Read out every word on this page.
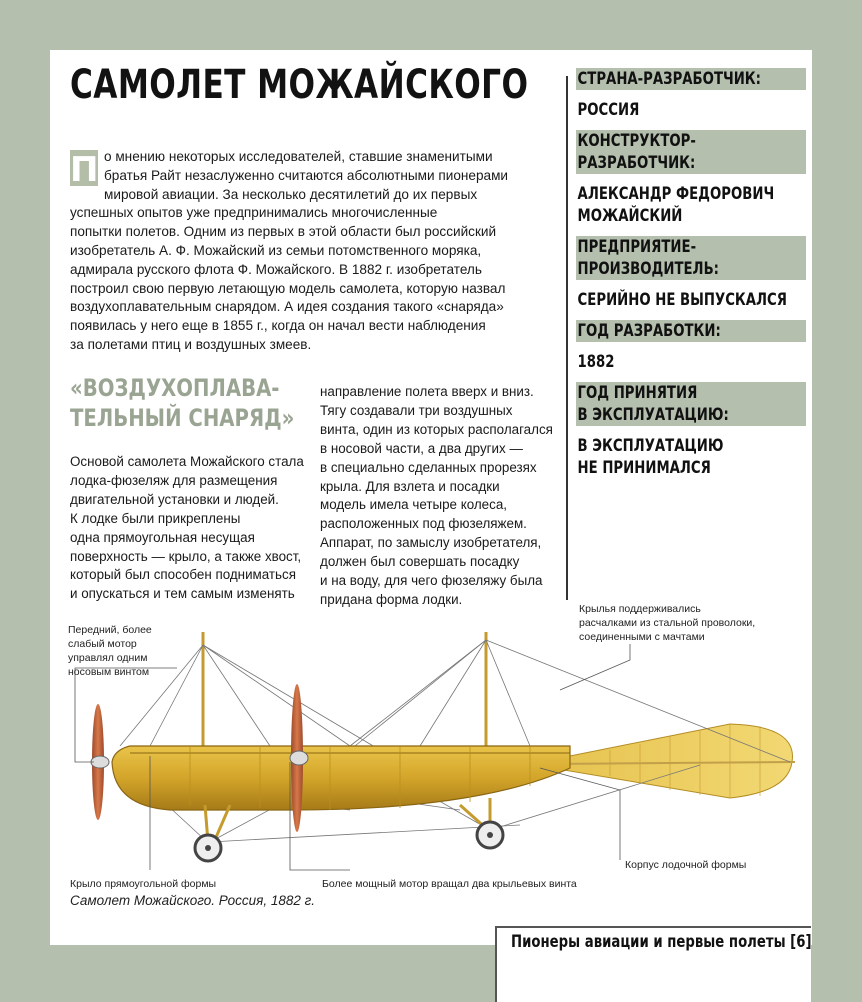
САМОЛЕТ МОЖАЙСКОГО
П о мнению некоторых исследователей, ставшие знаменитыми
братья Райт незаслуженно считаются абсолютными пионерами
мировой авиации. За несколько десятилетий до их первых
успешных опытов уже предпринимались многочисленные
попытки полетов. Одним из первых в этой области был российский
изобретатель А. Ф. Можайский из семьи потомственного моряка,
адмирала русского флота Ф. Можайского. В 1882 г. изобретатель
построил свою первую летающую модель самолета, которую назвал
воздухоплавательным снарядом. А идея создания такого «снаряда»
появилась у него еще в 1855 г., когда он начал вести наблюдения
за полетами птиц и воздушных змеев.
«ВОЗДУХОПЛАВА-
ТЕЛЬНЫЙ СНАРЯД»
Основой самолета Можайского стала
лодка-фюзеляж для размещения
двигательной установки и людей.
К лодке были прикреплены
одна прямоугольная несущая
поверхность — крыло, а также хвост,
который был способен подниматься
и опускаться и тем самым изменять
направление полета вверх и вниз.
Тягу создавали три воздушных
винта, один из которых располагался
в носовой части, а два других —
в специально сделанных прорезях
крыла. Для взлета и посадки
модель имела четыре колеса,
расположенных под фюзеляжем.
Аппарат, по замыслу изобретателя,
должен был совершать посадку
и на воду, для чего фюзеляжу была
придана форма лодки.
СТРАНА-РАЗРАБОТЧИК:
РОССИЯ
КОНСТРУКТОР-
РАЗРАБОТЧИК:
АЛЕКСАНДР ФЕДОРОВИЧ
МОЖАЙСКИЙ
ПРЕДПРИЯТИЕ-
ПРОИЗВОДИТЕЛЬ:
СЕРИЙНО НЕ ВЫПУСКАЛСЯ
ГОД РАЗРАБОТКИ:
1882
ГОД ПРИНЯТИЯ
В ЭКСПЛУАТАЦИЮ:
В ЭКСПЛУАТАЦИЮ
НЕ ПРИНИМАЛСЯ
Передний, более
слабый мотор
управлял одним
носовым винтом
Крылья поддерживались
расчалками из стальной проволоки,
соединенными с мачтами
Корпус лодочной формы
Крыло прямоугольной формы	Более мощный мотор вращал два крыльевых винта
Самолет Можайского. Россия, 1882 г.
Пионеры авиации и первые полеты [6]
